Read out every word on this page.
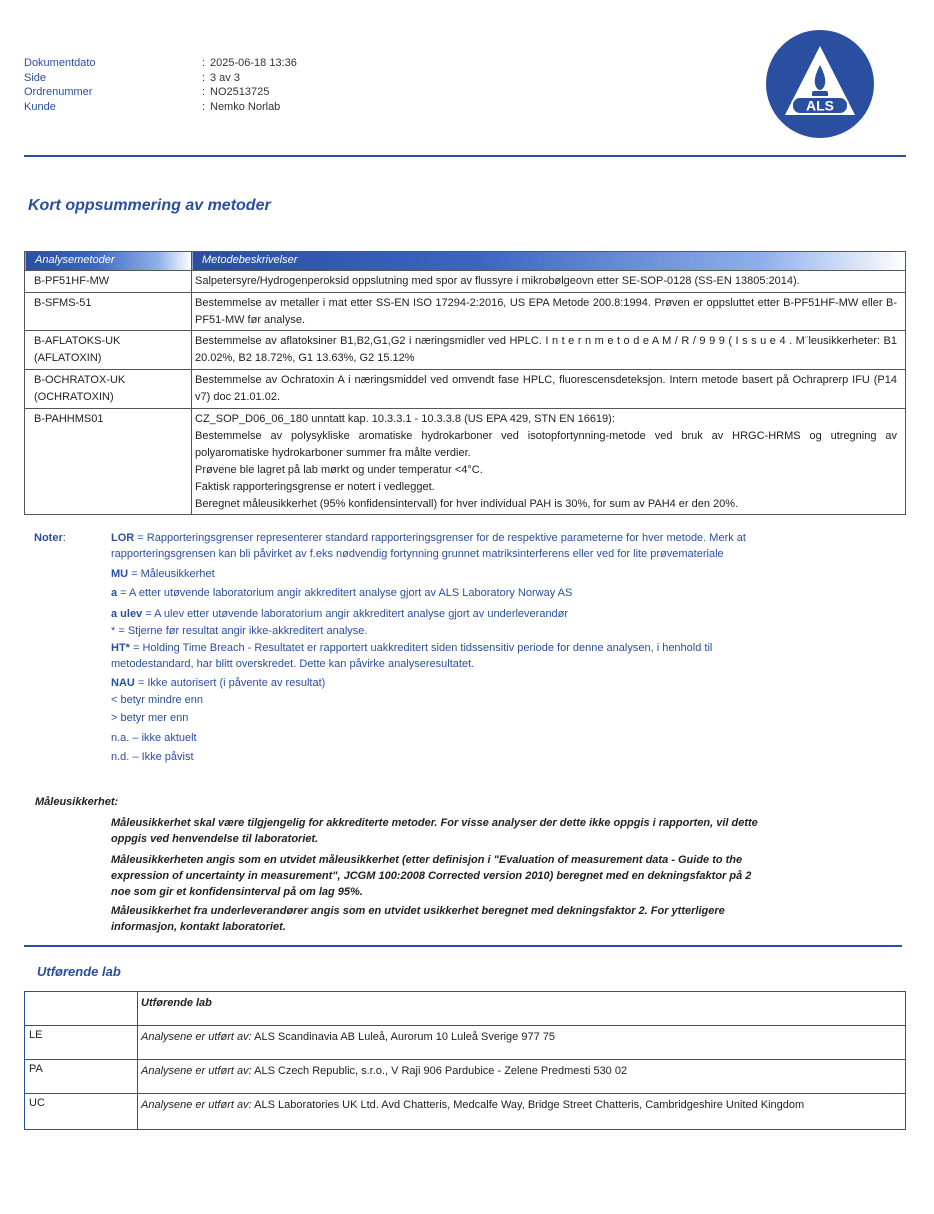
Dokumentdato	: 2025-06-18 13:36
Side	: 3 av 3
Ordrenummer	: NO2513725
Kunde	: Nemko Norlab	ALS
Kort oppsummering av metoder
Analysemetoder	Metodebeskrivelser

B-PF51HF-MW	Salpetersyre/Hydrogenperoksid oppslutning med spor av flussyre i mikrobølgeovn etter SE-SOP-0128 (SS-EN 13805:2014).
B-SFMS-51	Bestemmelse av metaller i mat etter SS-EN ISO 17294-2:2016, US EPA Metode 200.8:1994. Prøven er oppsluttet etter B-PF51HF-MW eller B-PF51-MW før analyse.
B-AFLATOKS-UK (AFLATOXIN)	Bestemmelse av aflatoksiner B1,B2,G1,G2 i næringsmidler ved HPLC. I n t e r n m e t o d e A M / R / 9 9 9 ( I s s u e 4 . M¨leusikkerheter: B1 20.02%, B2 18.72%, G1 13.63%, G2 15.12%
B-OCHRATOX-UK (OCHRATOXIN)	Bestemmelse av Ochratoxin A i næringsmiddel ved omvendt fase HPLC, fluorescensdeteksjon. Intern metode basert på Ochraprerp IFU (P14 v7) doc 21.01.02.
B-PAHHMS01	CZ_SOP_D06_06_180 unntatt kap. 10.3.3.1 - 10.3.3.8 (US EPA 429, STN EN 16619):
Bestemmelse av polysykliske aromatiske hydrokarboner ved isotopfortynning-metode ved bruk av HRGC-HRMS og utregning av polyaromatiske hydrokarboner summer fra målte verdier.
Prøvene ble lagret på lab mørkt og under temperatur <4°C.
Faktisk rapporteringsgrense er notert i vedlegget.
Beregnet måleusikkerhet (95% konfidensintervall) for hver individual PAH is 30%, for sum av PAH4 er den 20%.
Noter:	LOR = Rapporteringsgrenser representerer standard rapporteringsgrenser for de respektive parameterne for hver metode. Merk at rapporteringsgrensen kan bli påvirket av f.eks nødvendig fortynning grunnet matriksinterferens eller ved for lite prøvemateriale
MU = Måleusikkerhet
a = A etter utøvende laboratorium angir akkreditert analyse gjort av ALS Laboratory Norway AS
a ulev = A ulev etter utøvende laboratorium angir akkreditert analyse gjort av underleverandør
* = Stjerne før resultat angir ikke-akkreditert analyse.
HT* = Holding Time Breach - Resultatet er rapportert uakkreditert siden tidssensitiv periode for denne analysen, i henhold til metodestandard, har blitt overskredet. Dette kan påvirke analyseresultatet.
NAU = Ikke autorisert (i påvente av resultat)
< betyr mindre enn
> betyr mer enn
n.a. – ikke aktuelt
n.d. – Ikke påvist
Måleusikkerhet:
Måleusikkerhet skal være tilgjengelig for akkrediterte metoder. For visse analyser der dette ikke oppgis i rapporten, vil dette oppgis ved henvendelse til laboratoriet.
Måleusikkerheten angis som en utvidet måleusikkerhet (etter definisjon i "Evaluation of measurement data - Guide to the expression of uncertainty in measurement", JCGM 100:2008 Corrected version 2010) beregnet med en dekningsfaktor på 2 noe som gir et konfidensinterval på om lag 95%.
Måleusikkerhet fra underleverandører angis som en utvidet usikkerhet beregnet med dekningsfaktor 2. For ytterligere informasjon, kontakt laboratoriet.
Utførende lab
	Utførende lab
LE	Analysene er utført av: ALS Scandinavia AB Luleå, Aurorum 10 Luleå Sverige 977 75
PA	Analysene er utført av: ALS Czech Republic, s.r.o., V Raji 906 Pardubice - Zelene Predmesti 530 02
UC	Analysene er utført av: ALS Laboratories UK Ltd. Avd Chatteris, Medcalfe Way, Bridge Street Chatteris, Cambridgeshire United Kingdom
